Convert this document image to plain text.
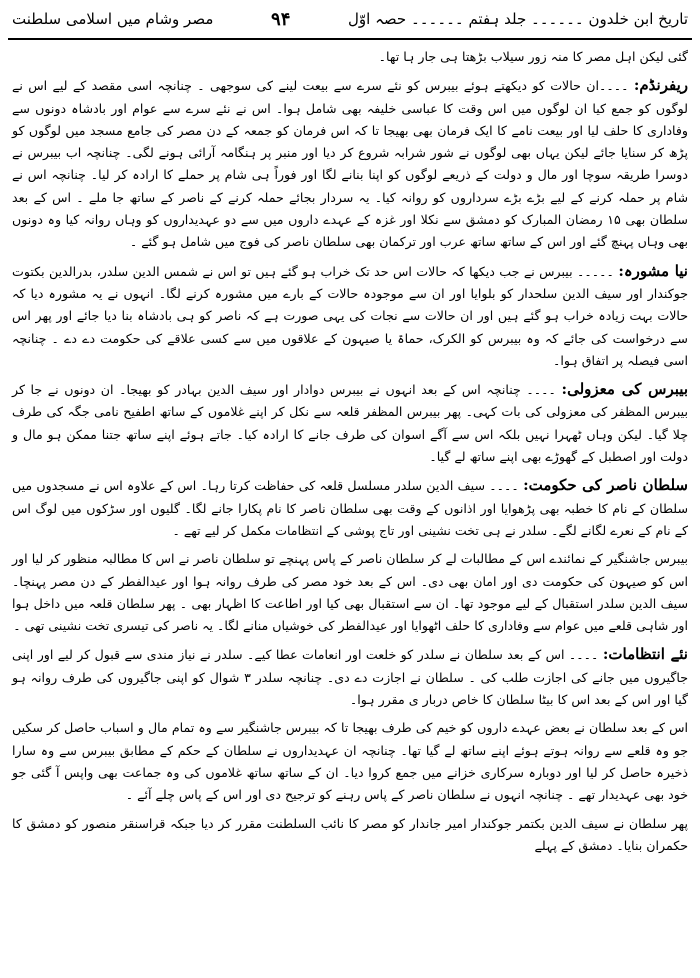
تاریخ ابن خلدون ۔۔۔۔۔۔ جلد ہفتم ۔۔۔۔۔۔ حصہ اوّل
۹۴
مصر وشام میں اسلامی سلطنت

گئی لیکن اہل مصر کا منہ زور سیلاب بڑھتا ہی جار ہا تھا۔

ریفرنڈم: ۔۔۔۔ان حالات کو دیکھتے ہوئے بیبرس کو نئے سرے سے بیعت لینے کی سوجھی ۔ چنانچہ اسی مقصد کے لیے اس نے لوگوں کو جمع کیا ان لوگوں میں اس وقت کا عباسی خلیفہ بھی شامل ہوا۔ اس نے نئے سرے سے عوام اور بادشاہ دونوں سے وفاداری کا حلف لیا اور بیعت نامے کا ایک فرمان بھی بھیجا تا کہ اس فرمان کو جمعہ کے دن مصر کی جامع مسجد میں لوگوں کو پڑھ کر سنایا جائے لیکن یہاں بھی لوگوں نے شور شرابہ شروع کر دیا اور منبر پر ہنگامہ آرائی ہونے لگی۔ چنانچہ اب بیبرس نے دوسرا طریقہ سوچا اور مال و دولت کے ذریعے لوگوں کو اپنا بنانے لگا اور فوراً ہی شام پر حملے کا ارادہ کر لیا۔ چنانچہ اس نے شام پر حملہ کرنے کے لیے بڑے بڑے سرداروں کو روانہ کیا۔ یہ سردار بجائے حملہ کرنے کے ناصر کے ساتھ جا ملے ۔ اس کے بعد سلطان بھی ۱۵ رمضان المبارک کو دمشق سے نکلا اور غزہ کے عہدے داروں میں سے دو عہدیداروں کو وہاں روانہ کیا وہ دونوں بھی وہاں پہنچ گئے اور اس کے ساتھ ساتھ عرب اور ترکمان بھی سلطان ناصر کی فوج میں شامل ہو گئے ۔

نیا مشورہ: ۔۔۔۔۔ بیبرس نے جب دیکھا کہ حالات اس حد تک خراب ہو گئے ہیں تو اس نے شمس الدین سلدر، بدرالدین بکتوت جوکندار اور سیف الدین سلحدار کو بلوایا اور ان سے موجودہ حالات کے بارے میں مشورہ کرنے لگا۔ انہوں نے یہ مشورہ دیا کہ حالات بہت زیادہ خراب ہو گئے ہیں اور ان حالات سے نجات کی یہی صورت ہے کہ ناصر کو ہی بادشاہ بنا دیا جائے اور پھر اس سے درخواست کی جائے کہ وہ بیبرس کو الکرک، حماۃ یا صیہون کے علاقوں میں سے کسی علاقے کی حکومت دے دے ۔ چنانچہ اسی فیصلہ پر اتفاق ہوا۔

بیبرس کی معزولی: ۔۔۔۔ چنانچہ اس کے بعد انہوں نے بیبرس دوادار اور سیف الدین بہادر کو بھیجا۔ ان دونوں نے جا کر بیبرس المظفر کی معزولی کی بات کہی۔ پھر بیبرس المظفر قلعہ سے نکل کر اپنے غلاموں کے ساتھ اطفیح نامی جگہ کی طرف چلا گیا۔ لیکن وہاں ٹھہرا نہیں بلکہ اس سے آگے اسوان کی طرف جانے کا ارادہ کیا۔ جاتے ہوئے اپنے ساتھ جتنا ممکن ہو مال و دولت اور اصطبل کے گھوڑے بھی اپنے ساتھ لے گیا۔

سلطان ناصر کی حکومت: ۔۔۔۔ سیف الدین سلدر مسلسل قلعہ کی حفاظت کرتا رہا۔ اس کے علاوہ اس نے مسجدوں میں سلطان کے نام کا خطبہ بھی پڑھوایا اور اذانوں کے وقت بھی سلطان ناصر کا نام پکارا جانے لگا۔ گلیوں اور سڑکوں میں لوگ اس کے نام کے نعرے لگانے لگے۔ سلدر نے ہی تخت نشینی اور تاج پوشی کے انتظامات مکمل کر لیے تھے ۔

بیبرس جاشنگیر کے نمائندے اس کے مطالبات لے کر سلطان ناصر کے پاس پہنچے تو سلطان ناصر نے اس کا مطالبہ منظور کر لیا اور اس کو صیہون کی حکومت دی اور امان بھی دی۔ اس کے بعد خود مصر کی طرف روانہ ہوا اور عیدالفطر کے دن مصر پہنچا۔ سیف الدین سلدر استقبال کے لیے موجود تھا۔ ان سے استقبال بھی کیا اور اطاعت کا اظہار بھی ۔ پھر سلطان قلعہ میں داخل ہوا اور شاہی قلعے میں عوام سے وفاداری کا حلف اٹھوایا اور عیدالفطر کی خوشیاں منانے لگا۔ یہ ناصر کی تیسری تخت نشینی تھی ۔

نئے انتظامات: ۔۔۔۔ اس کے بعد سلطان نے سلدر کو خلعت اور انعامات عطا کیے۔ سلدر نے نیاز مندی سے قبول کر لیے اور اپنی جاگیروں میں جانے کی اجازت طلب کی ۔ سلطان نے اجازت دے دی۔ چنانچہ سلدر ۳ شوال کو اپنی جاگیروں کی طرف روانہ ہو گیا اور اس کے بعد اس کا بیٹا سلطان کا خاص دربار ی مقرر ہوا۔

اس کے بعد سلطان نے بعض عہدے داروں کو خیم کی طرف بھیجا تا کہ بیبرس جاشنگیر سے وہ تمام مال و اسباب حاصل کر سکیں جو وہ قلعے سے روانہ ہوتے ہوئے اپنے ساتھ لے گیا تھا۔ چنانچہ ان عہدیداروں نے سلطان کے حکم کے مطابق بیبرس سے وہ سارا ذخیرہ حاصل کر لیا اور دوبارہ سرکاری خزانے میں جمع کروا دیا۔ ان کے ساتھ ساتھ غلاموں کی وہ جماعت بھی واپس آ گئی جو خود بھی عہدیدار تھے ۔ چنانچہ انہوں نے سلطان ناصر کے پاس رہنے کو ترجیح دی اور اس کے پاس چلے آئے ۔

پھر سلطان نے سیف الدین بکتمر جوکندار امیر جاندار کو مصر کا نائب السلطنت مقرر کر دیا جبکہ قراسنقر منصور کو دمشق کا حکمران بنایا۔ دمشق کے پہلے
